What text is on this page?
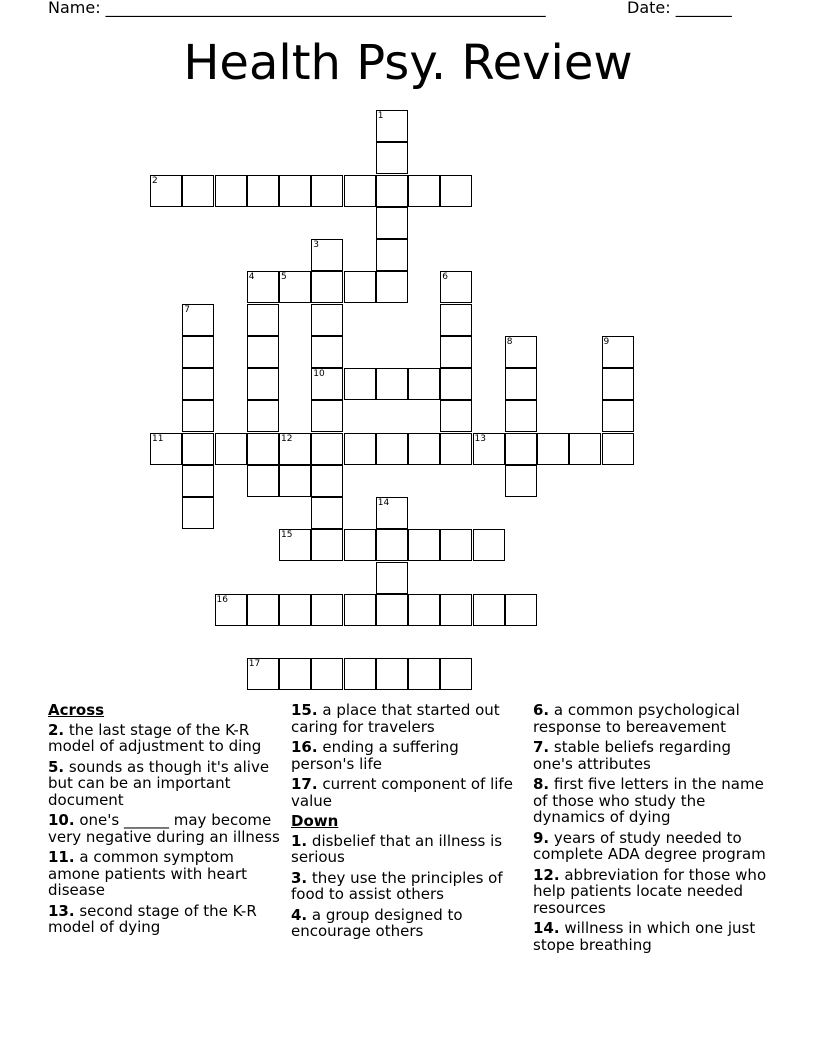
Name: _______________________________________________________	Date: _______
Health Psy. Review
1
2
3
10
4	5	6
7
8	9
11	12	13
14
15
16
17
Across
2. the last stage of the K-R model of adjustment to ding
5. sounds as though it's alive but can be an important document
10. one's ______ may become very negative during an illness
11. a common symptom amone patients with heart disease
13. second stage of the K-R model of dying
15. a place that started out caring for travelers
16. ending a suffering person's life
17. current component of life value
Down
1. disbelief that an illness is serious
3. they use the principles of food to assist others
4. a group designed to encourage others
6. a common psychological response to bereavement
7. stable beliefs regarding one's attributes
8. first five letters in the name of those who study the dynamics of dying
9. years of study needed to complete ADA degree program
12. abbreviation for those who help patients locate needed resources
14. willness in which one just stope breathing
